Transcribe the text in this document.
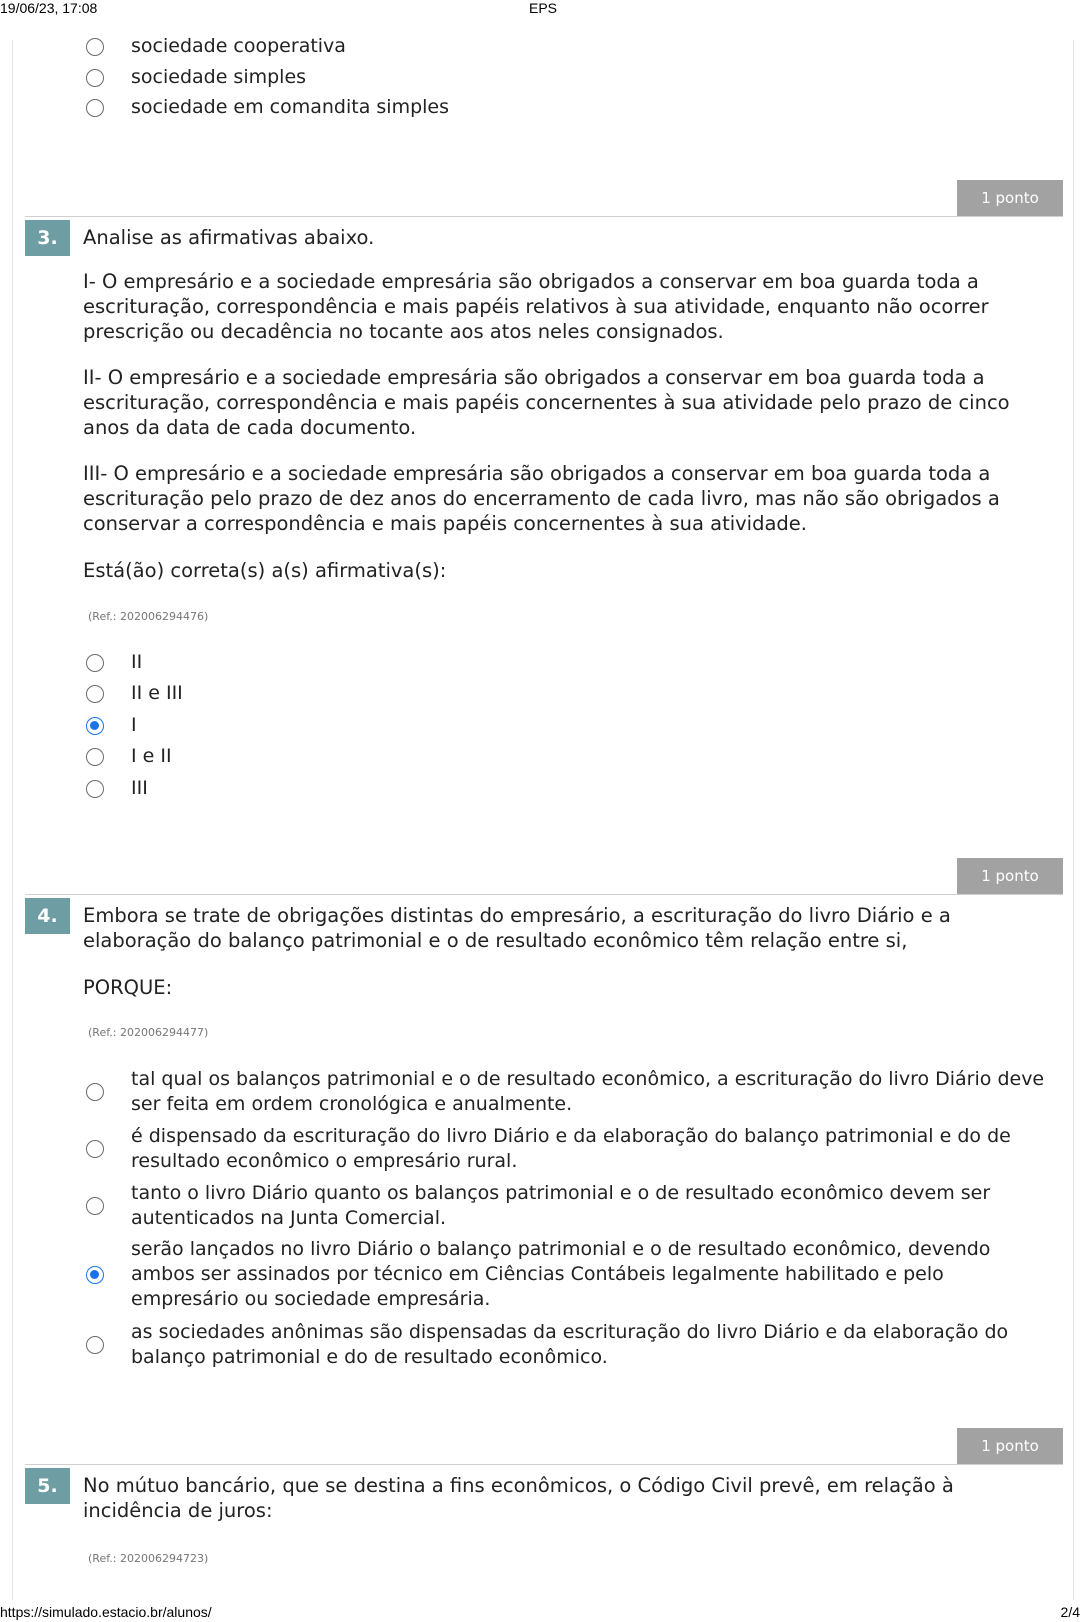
19/06/23, 17:08	EPS
sociedade cooperativa
sociedade simples
sociedade em comandita simples
1 ponto
3.	Analise as afirmativas abaixo.
I- O empresário e a sociedade empresária são obrigados a conservar em boa guarda toda a escrituração, correspondência e mais papéis relativos à sua atividade, enquanto não ocorrer prescrição ou decadência no tocante aos atos neles consignados.
II- O empresário e a sociedade empresária são obrigados a conservar em boa guarda toda a escrituração, correspondência e mais papéis concernentes à sua atividade pelo prazo de cinco anos da data de cada documento.
III- O empresário e a sociedade empresária são obrigados a conservar em boa guarda toda a escrituração pelo prazo de dez anos do encerramento de cada livro, mas não são obrigados a conservar a correspondência e mais papéis concernentes à sua atividade.
Está(ão) correta(s) a(s) afirmativa(s):
(Ref.: 202006294476)
II
II e III
I
I e II
III
1 ponto
4.	Embora se trate de obrigações distintas do empresário, a escrituração do livro Diário e a elaboração do balanço patrimonial e o de resultado econômico têm relação entre si,
PORQUE:
(Ref.: 202006294477)
tal qual os balanços patrimonial e o de resultado econômico, a escrituração do livro Diário deve ser feita em ordem cronológica e anualmente.
é dispensado da escrituração do livro Diário e da elaboração do balanço patrimonial e do de resultado econômico o empresário rural.
tanto o livro Diário quanto os balanços patrimonial e o de resultado econômico devem ser autenticados na Junta Comercial.
serão lançados no livro Diário o balanço patrimonial e o de resultado econômico, devendo ambos ser assinados por técnico em Ciências Contábeis legalmente habilitado e pelo empresário ou sociedade empresária.
as sociedades anônimas são dispensadas da escrituração do livro Diário e da elaboração do balanço patrimonial e do de resultado econômico.
1 ponto
5.	No mútuo bancário, que se destina a fins econômicos, o Código Civil prevê, em relação à incidência de juros:
(Ref.: 202006294723)
https://simulado.estacio.br/alunos/	2/4
